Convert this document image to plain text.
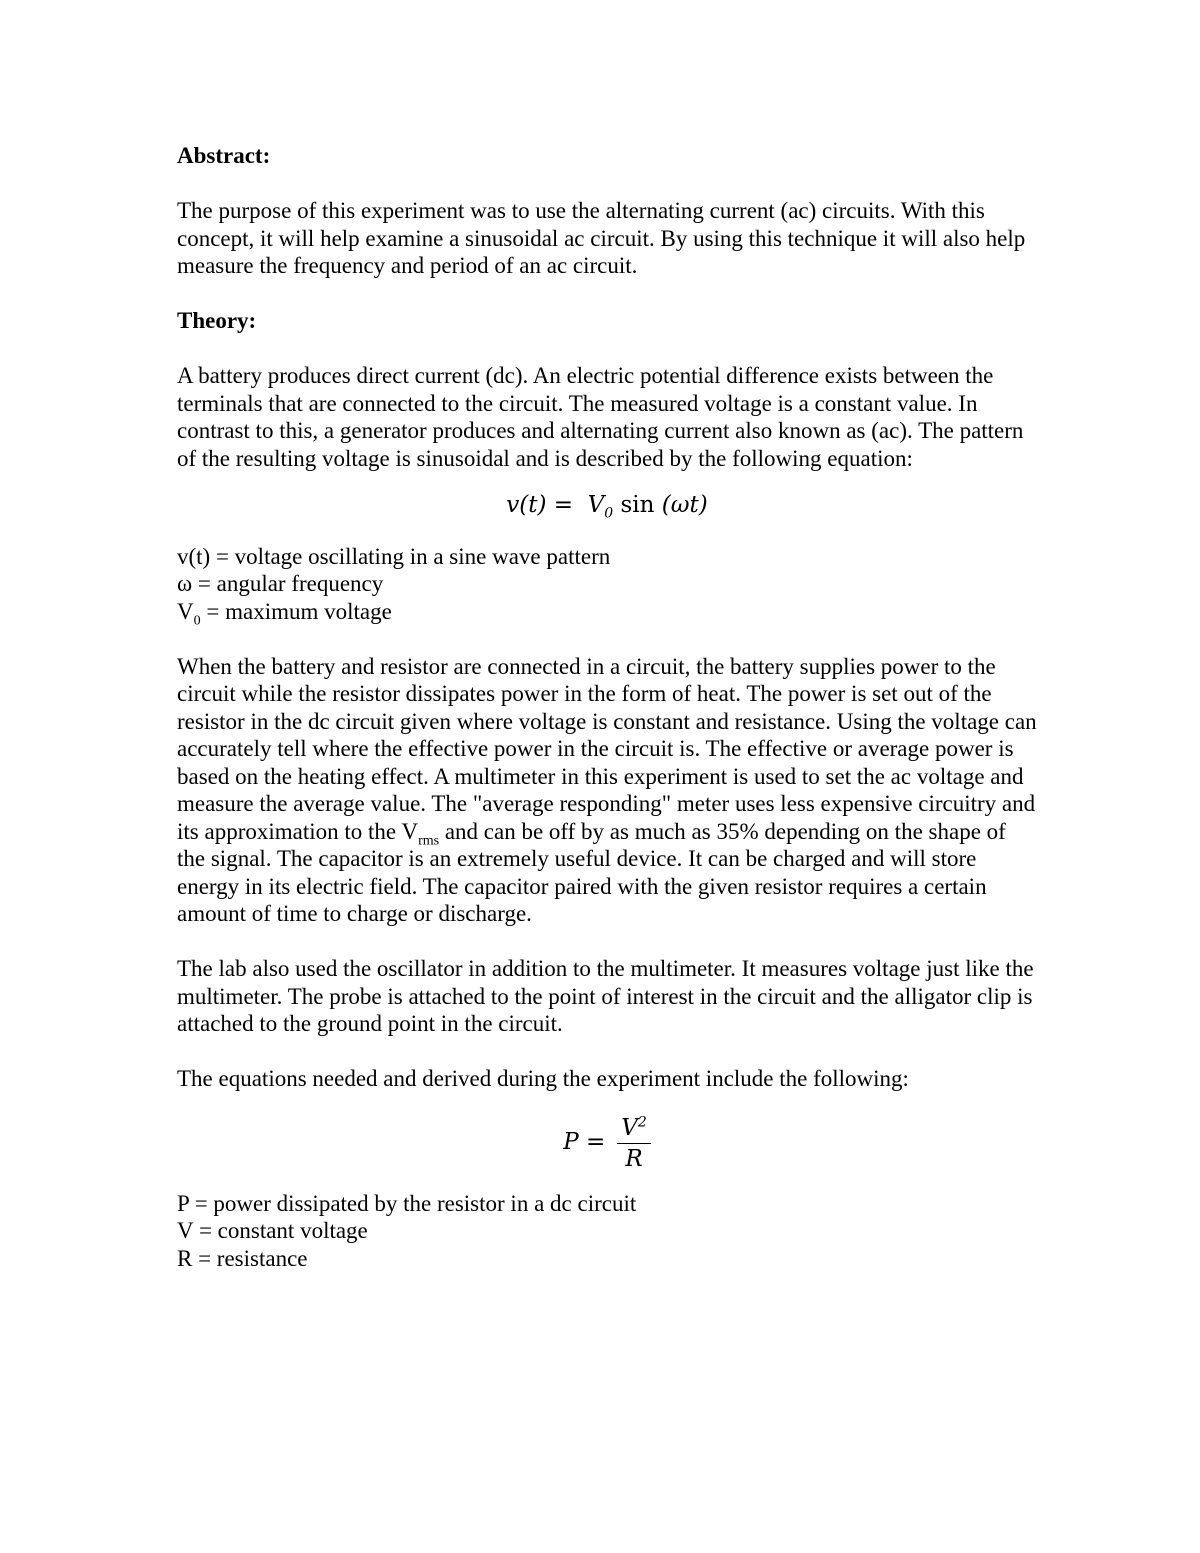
Abstract:

The purpose of this experiment was to use the alternating current (ac) circuits. With this concept, it will help examine a sinusoidal ac circuit. By using this technique it will also help measure the frequency and period of an ac circuit.

Theory:

A battery produces direct current (dc). An electric potential difference exists between the terminals that are connected to the circuit. The measured voltage is a constant value. In contrast to this, a generator produces and alternating current also known as (ac). The pattern of the resulting voltage is sinusoidal and is described by the following equation:

$v(t) = V_0$ sin (ωt)
v(t) = voltage oscillating in a sine wave pattern
ω = angular frequency
$V_0$ = maximum voltage

When the battery and resistor are connected in a circuit, the battery supplies power to the circuit while the resistor dissipates power in the form of heat. The power is set out of the resistor in the dc circuit given where voltage is constant and resistance. Using the voltage can accurately tell where the effective power in the circuit is. The effective or average power is based on the heating effect. A multimeter in this experiment is used to set the ac voltage and measure the average value. The "average responding" meter uses less expensive circuitry and its approximation to the $V_{rms}$ and can be off by as much as 35% depending on the shape of the signal. The capacitor is an extremely useful device. It can be charged and will store energy in its electric field. The capacitor paired with the given resistor requires a certain amount of time to charge or discharge.

The lab also used the oscillator in addition to the multimeter. It measures voltage just like the multimeter. The probe is attached to the point of interest in the circuit and the alligator clip is attached to the ground point in the circuit.

The equations needed and derived during the experiment include the following:

$P = \frac{V^2}{R}$
P = power dissipated by the resistor in a dc circuit
V = constant voltage
R = resistance
